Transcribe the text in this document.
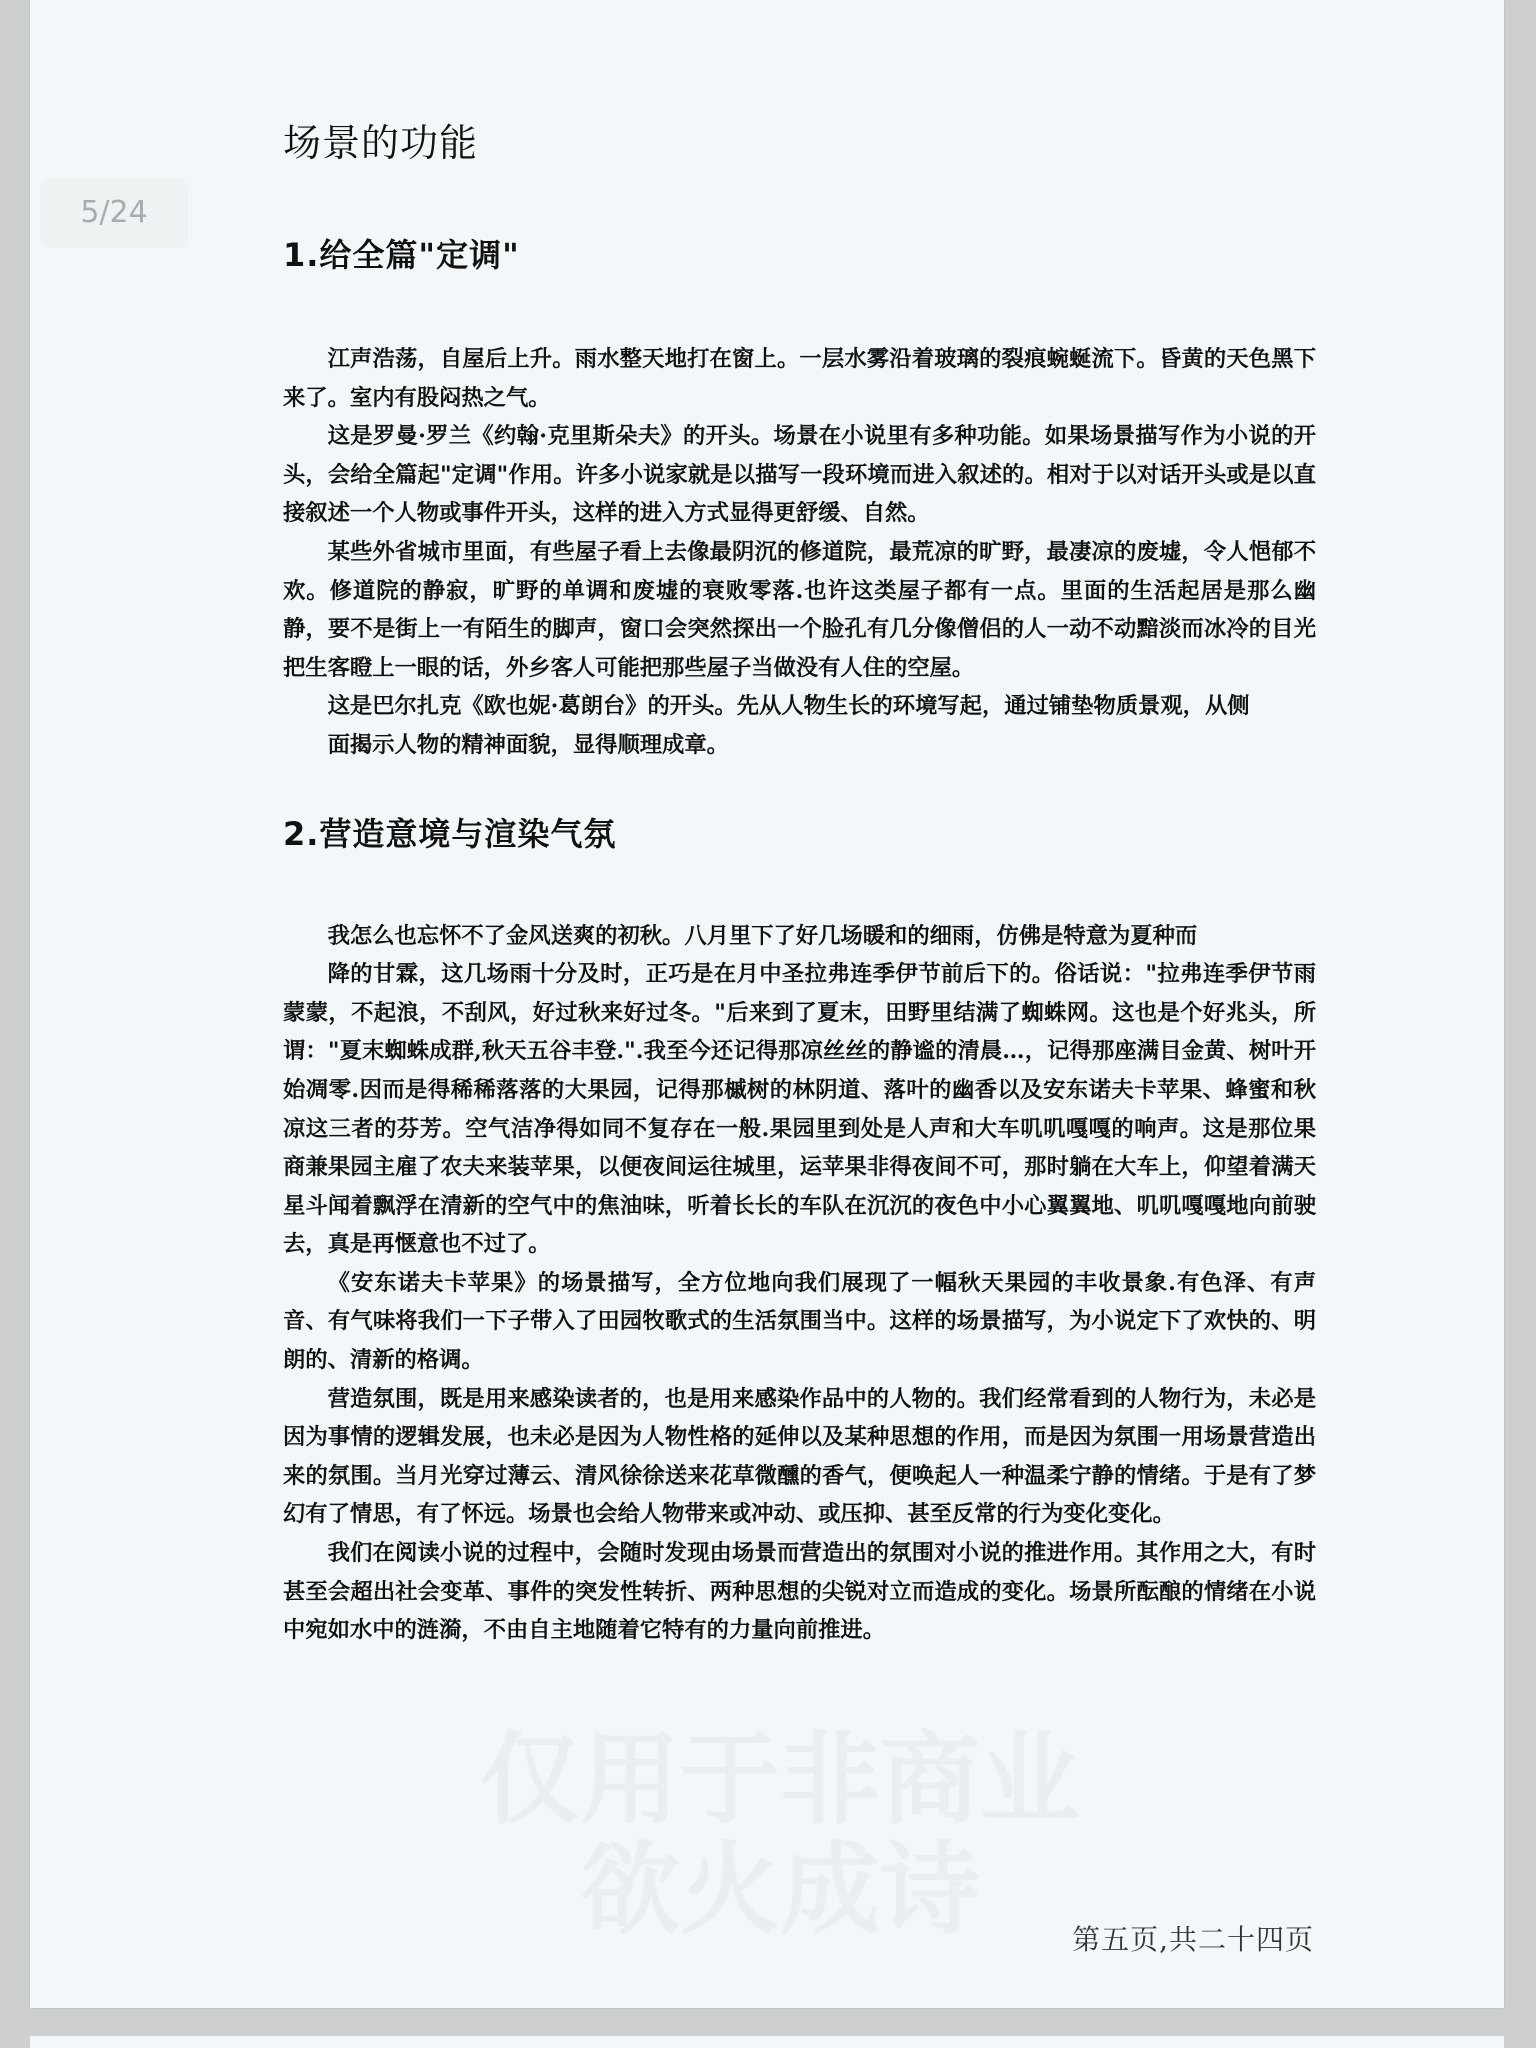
场景的功能
1.给全篇"定调"

江声浩荡，自屋后上升。雨水整天地打在窗上。一层水雾沿着玻璃的裂痕蜿蜒流下。昏黄的天色黑下来了。室内有股闷热之气。

这是罗曼·罗兰《约翰·克里斯朵夫》的开头。场景在小说里有多种功能。如果场景描写作为小说的开头，会给全篇起"定调"作用。许多小说家就是以描写一段环境而进入叙述的。相对于以对话开头或是以直接叙述一个人物或事件开头，这样的进入方式显得更舒缓、自然。

某些外省城市里面，有些屋子看上去像最阴沉的修道院，最荒凉的旷野，最凄凉的废墟，令人悒郁不欢。修道院的静寂，旷野的单调和废墟的衰败零落.也许这类屋子都有一点。里面的生活起居是那么幽静，要不是街上一有陌生的脚声，窗口会突然探出一个脸孔有几分像僧侣的人一动不动黯淡而冰冷的目光把生客瞪上一眼的话，外乡客人可能把那些屋子当做没有人住的空屋。

这是巴尔扎克《欧也妮·葛朗台》的开头。先从人物生长的环境写起，通过铺垫物质景观，从侧

面揭示人物的精神面貌，显得顺理成章。

2.营造意境与渲染气氛

我怎么也忘怀不了金风送爽的初秋。八月里下了好几场暖和的细雨，仿佛是特意为夏种而

降的甘霖，这几场雨十分及时，正巧是在月中圣拉弗连季伊节前后下的。俗话说："拉弗连季伊节雨蒙蒙，不起浪，不刮风，好过秋来好过冬。"后来到了夏末，田野里结满了蜘蛛网。这也是个好兆头，所谓："夏末蜘蛛成群,秋天五谷丰登.".我至今还记得那凉丝丝的静谧的清晨…，记得那座满目金黄、树叶开始凋零.因而是得稀稀落落的大果园，记得那槭树的林阴道、落叶的幽香以及安东诺夫卡苹果、蜂蜜和秋凉这三者的芬芳。空气洁净得如同不复存在一般.果园里到处是人声和大车叽叽嘎嘎的响声。这是那位果商兼果园主雇了农夫来装苹果，以便夜间运往城里，运苹果非得夜间不可，那时躺在大车上，仰望着满天星斗闻着飘浮在清新的空气中的焦油味，听着长长的车队在沉沉的夜色中小心翼翼地、叽叽嘎嘎地向前驶去，真是再惬意也不过了。

《安东诺夫卡苹果》的场景描写，全方位地向我们展现了一幅秋天果园的丰收景象.有色泽、有声音、有气味将我们一下子带入了田园牧歌式的生活氛围当中。这样的场景描写，为小说定下了欢快的、明朗的、清新的格调。

营造氛围，既是用来感染读者的，也是用来感染作品中的人物的。我们经常看到的人物行为，未必是因为事情的逻辑发展，也未必是因为人物性格的延伸以及某种思想的作用，而是因为氛围一用场景营造出来的氛围。当月光穿过薄云、清风徐徐送来花草微醺的香气，便唤起人一种温柔宁静的情绪。于是有了梦幻有了情思，有了怀远。场景也会给人物带来或冲动、或压抑、甚至反常的行为变化变化。

我们在阅读小说的过程中，会随时发现由场景而营造出的氛围对小说的推进作用。其作用之大，有时甚至会超出社会变革、事件的突发性转折、两种思想的尖锐对立而造成的变化。场景所酝酿的情绪在小说中宛如水中的涟漪，不由自主地随着它特有的力量向前推进。

第五页,共二十四页
5/24
